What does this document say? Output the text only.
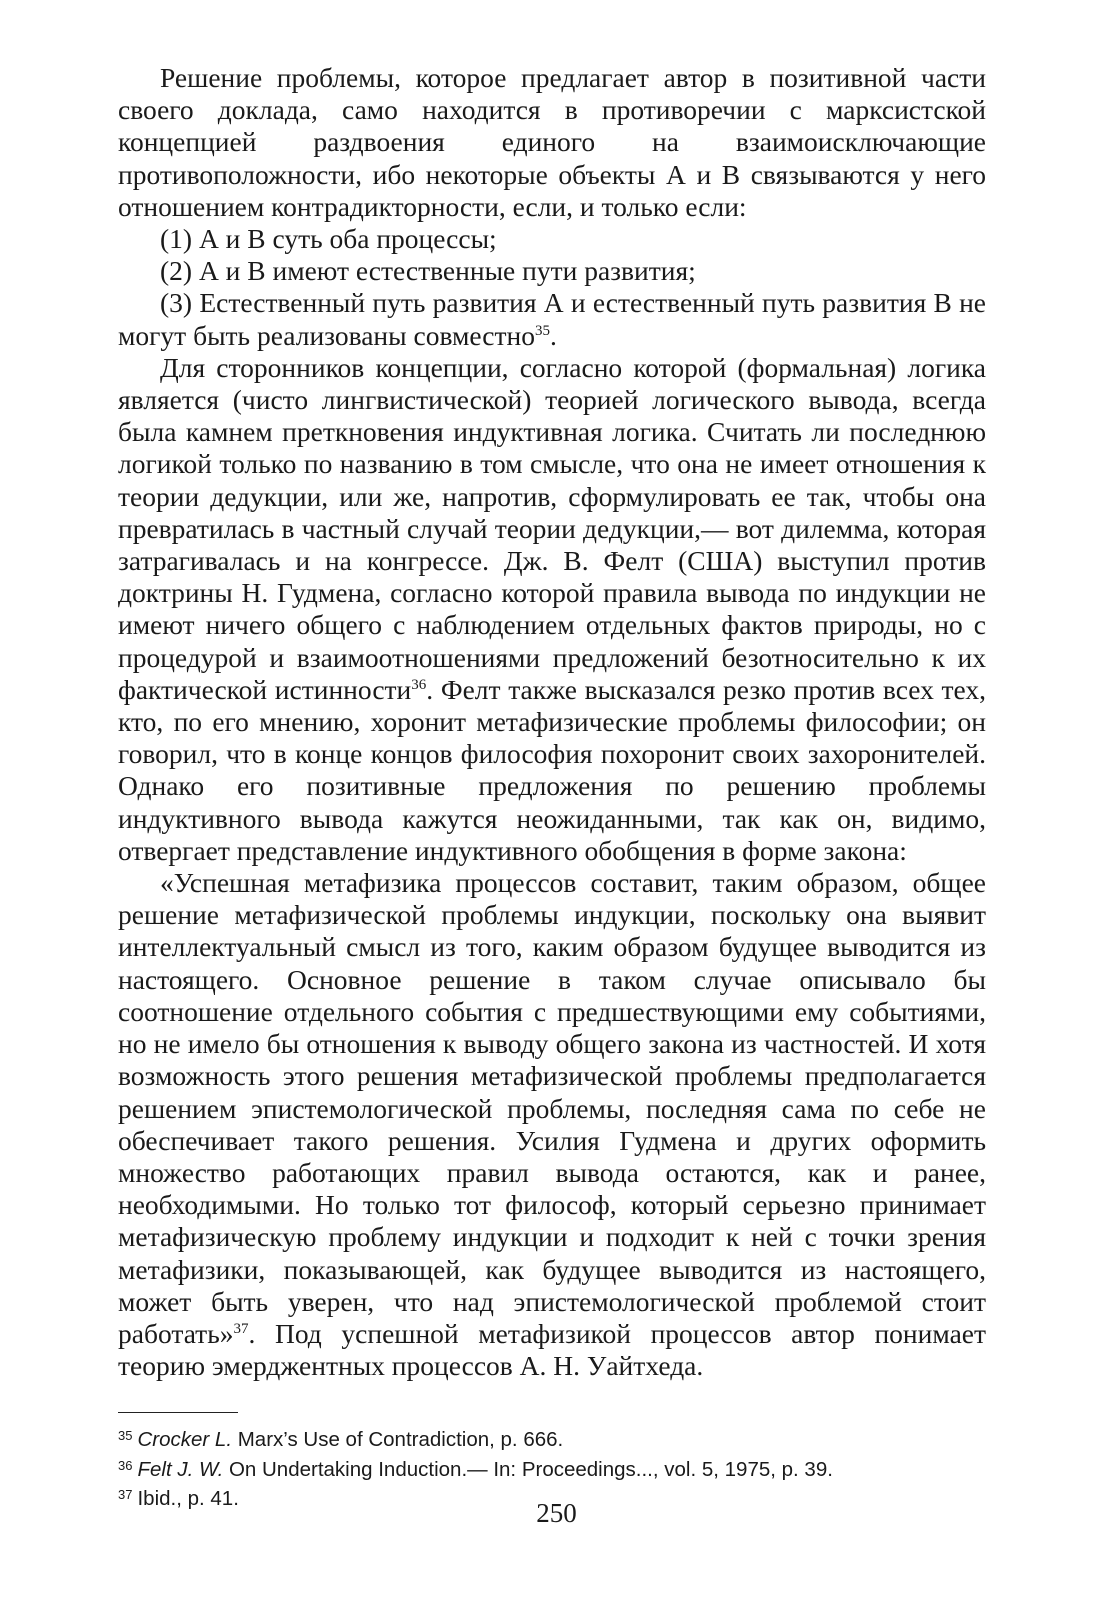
Решение проблемы, которое предлагает автор в позитивной части своего доклада, само находится в противоречии с марксистской концепцией раздвоения единого на взаимоисключающие противоположности, ибо некоторые объекты А и В связываются у него отношением контрадикторности, если, и только если:

(1) А и В суть оба процессы;

(2) А и В имеют естественные пути развития;

(3) Естественный путь развития А и естественный путь развития В не могут быть реализованы совместно$^{35}$.

Для сторонников концепции, согласно которой (формальная) логика является (чисто лингвистической) теорией логического вывода, всегда была камнем преткновения индуктивная логика. Считать ли последнюю логикой только по названию в том смысле, что она не имеет отношения к теории дедукции, или же, напротив, сформулировать ее так, чтобы она превратилась в частный случай теории дедукции,— вот дилемма, которая затрагивалась и на конгрессе. Дж. В. Фелт (США) выступил против доктрины Н. Гудмена, согласно которой правила вывода по индукции не имеют ничего общего с наблюдением отдельных фактов природы, но с процедурой и взаимоотношениями предложений безотносительно к их фактической истинности$^{36}$. Фелт также высказался резко против всех тех, кто, по его мнению, хоронит метафизические проблемы философии; он говорил, что в конце концов философия похоронит своих захоронителей. Однако его позитивные предложения по решению проблемы индуктивного вывода кажутся неожиданными, так как он, видимо, отвергает представление индуктивного обобщения в форме закона:

«Успешная метафизика процессов составит, таким образом, общее решение метафизической проблемы индукции, поскольку она выявит интеллектуальный смысл из того, каким образом будущее выводится из настоящего. Основное решение в таком случае описывало бы соотношение отдельного события с предшествующими ему событиями, но не имело бы отношения к выводу общего закона из частностей. И хотя возможность этого решения метафизической проблемы предполагается решением эпистемологической проблемы, последняя сама по себе не обеспечивает такого решения. Усилия Гудмена и других оформить множество работающих правил вывода остаются, как и ранее, необходимыми. Но только тот философ, который серьезно принимает метафизическую проблему индукции и подходит к ней с точки зрения метафизики, показывающей, как будущее выводится из настоящего, может быть уверен, что над эпистемологической проблемой стоит работать»$^{37}$. Под успешной метафизикой процессов автор понимает теорию эмерджентных процессов А. Н. Уайтхеда.

$^{35}$ Crocker L. Marx’s Use of Contradiction, p. 666.

$^{36}$ Felt J. W. On Undertaking Induction.— In: Proceedings..., vol. 5, 1975, p. 39.

$^{37}$ Ibid., p. 41.	250
